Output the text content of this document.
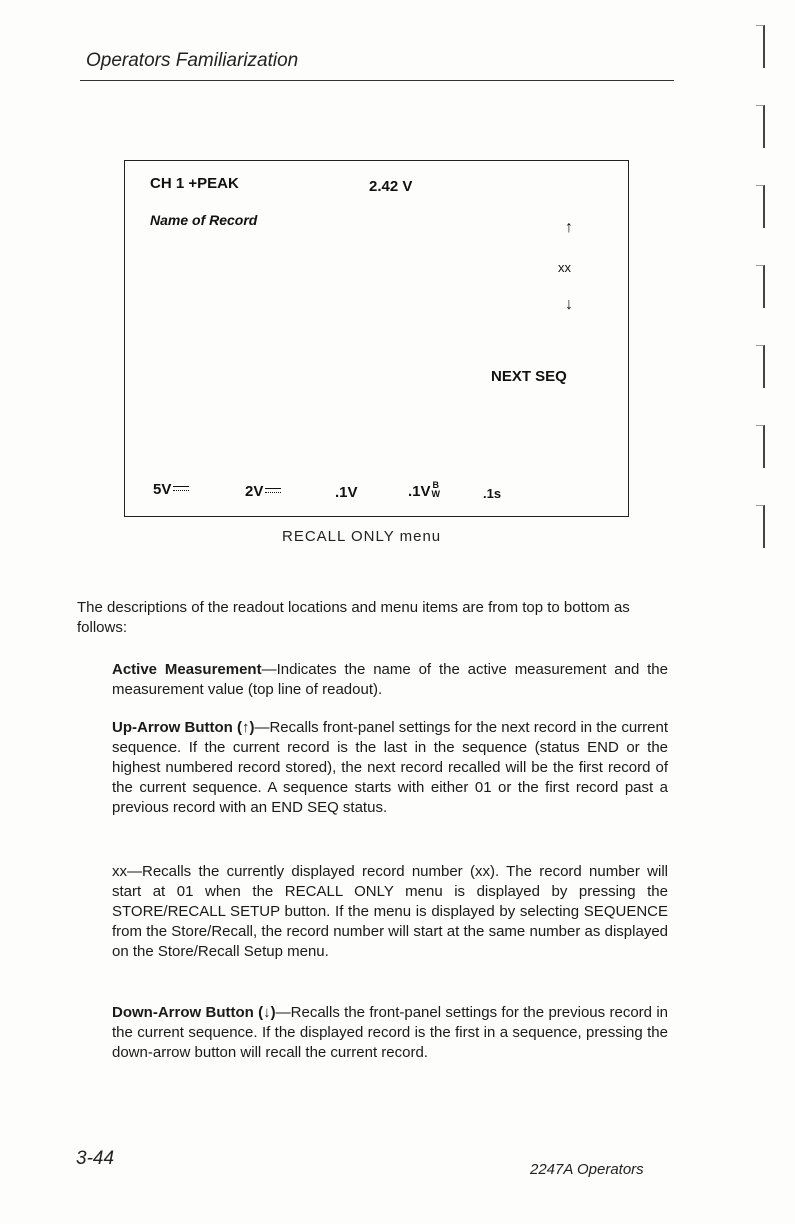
Operators Familiarization
CH 1 +PEAK	2.42 V
Name of Record	↑
xx
↓
NEXT SEQ
5V	2V	.1V	.1V B
W	.1s
RECALL ONLY menu
The descriptions of the readout locations and menu items are from top to bottom as follows:
Active Measurement—Indicates the name of the active measurement and the measurement value (top line of readout).
Up-Arrow Button (↑)—Recalls front-panel settings for the next record in the current sequence. If the current record is the last in the sequence (status END or the highest numbered record stored), the next record recalled will be the first record of the current sequence. A sequence starts with either 01 or the first record past a previous record with an END SEQ status.
xx—Recalls the currently displayed record number (xx). The record number will start at 01 when the RECALL ONLY menu is displayed by pressing the STORE/RECALL SETUP button. If the menu is displayed by selecting SEQUENCE from the Store/Recall, the record number will start at the same number as displayed on the Store/Recall Setup menu.
Down-Arrow Button (↓)—Recalls the front-panel settings for the previous record in the current sequence. If the displayed record is the first in a sequence, pressing the down-arrow button will recall the current record.
3-44
2247A Operators
